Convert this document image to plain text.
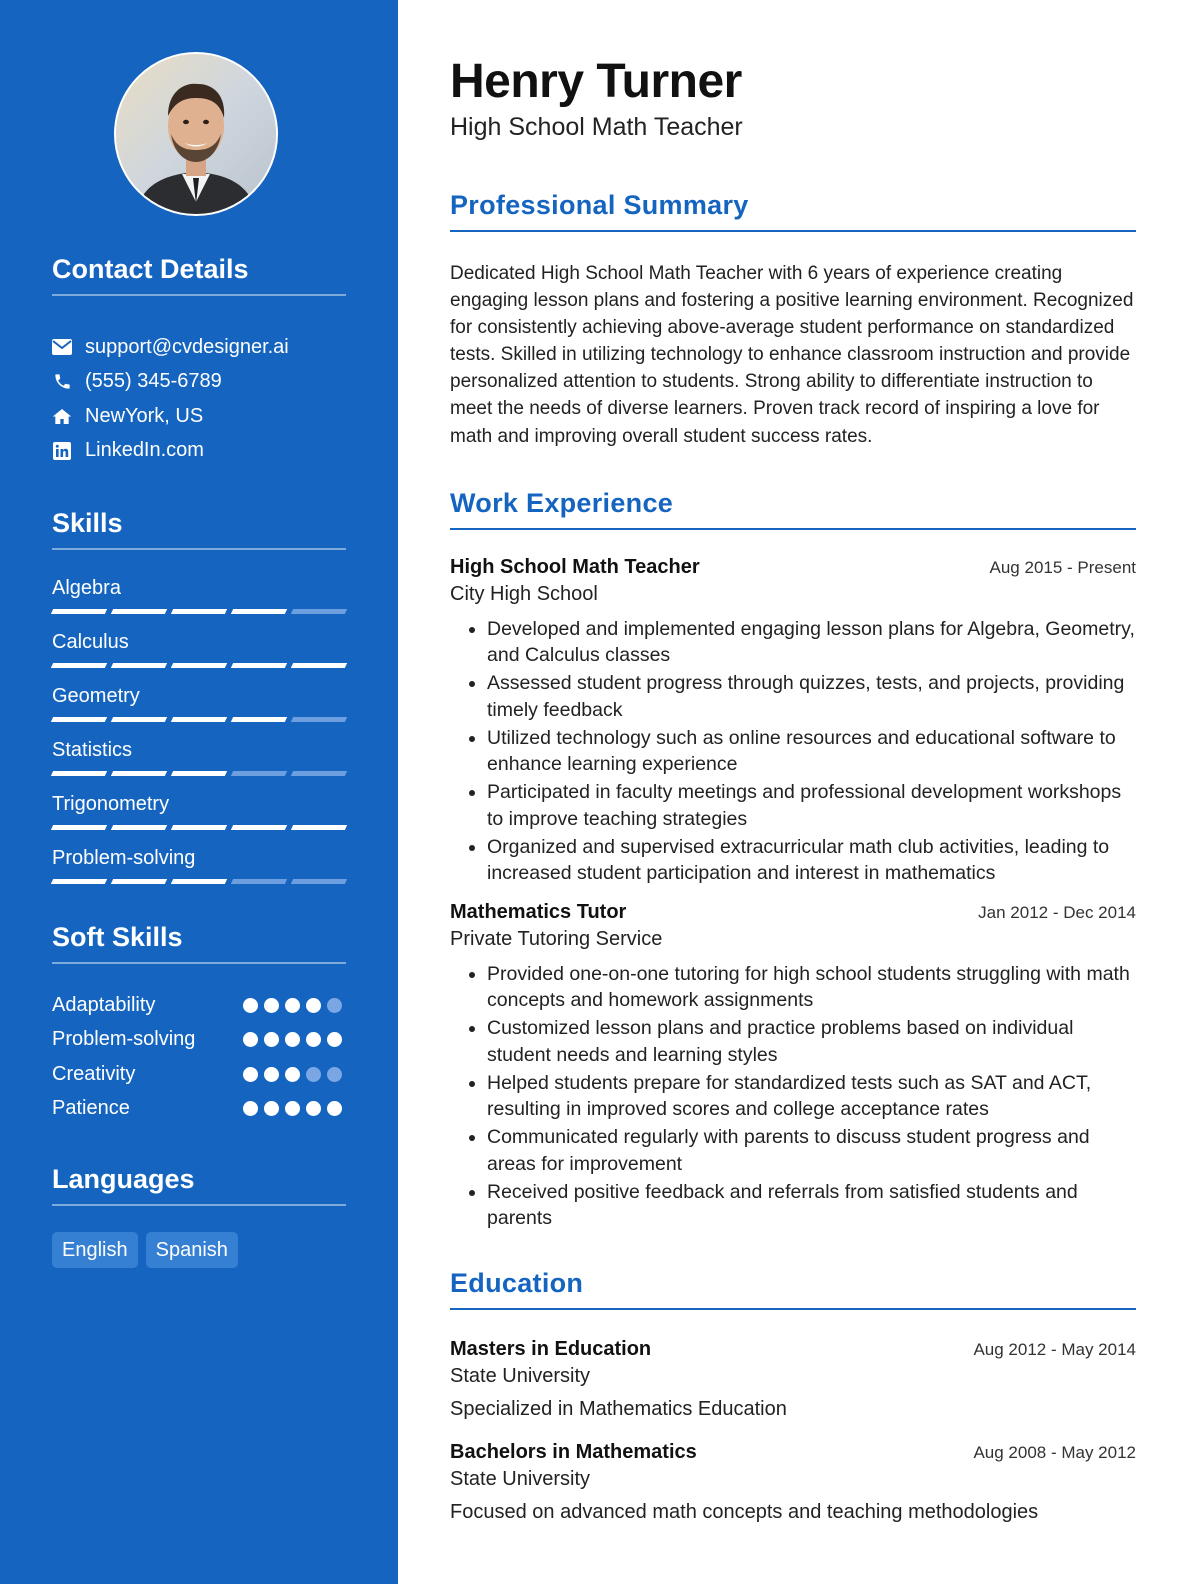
Contact Details
support@cvdesigner.ai
(555) 345-6789
NewYork, US
LinkedIn.com
Skills
Algebra
Calculus
Geometry
Statistics
Trigonometry
Problem-solving
Soft Skills
Adaptability
Problem-solving
Creativity
Patience
Languages
English	Spanish
Henry Turner
High School Math Teacher
Professional Summary

Dedicated High School Math Teacher with 6 years of experience creating engaging lesson plans and fostering a positive learning environment. Recognized for consistently achieving above-average student performance on standardized tests. Skilled in utilizing technology to enhance classroom instruction and provide personalized attention to students. Strong ability to differentiate instruction to meet the needs of diverse learners. Proven track record of inspiring a love for math and improving overall student success rates.

Work Experience
High School Math Teacher	Aug 2015 - Present
City High School
• Developed and implemented engaging lesson plans for Algebra, Geometry, and Calculus classes
• Assessed student progress through quizzes, tests, and projects, providing timely feedback
• Utilized technology such as online resources and educational software to enhance learning experience
• Participated in faculty meetings and professional development workshops to improve teaching strategies
• Organized and supervised extracurricular math club activities, leading to increased student participation and interest in mathematics
Mathematics Tutor	Jan 2012 - Dec 2014
Private Tutoring Service
• Provided one-on-one tutoring for high school students struggling with math concepts and homework assignments
• Customized lesson plans and practice problems based on individual student needs and learning styles
• Helped students prepare for standardized tests such as SAT and ACT, resulting in improved scores and college acceptance rates
• Communicated regularly with parents to discuss student progress and areas for improvement
• Received positive feedback and referrals from satisfied students and parents
Education
Masters in Education	Aug 2012 - May 2014
State University
Specialized in Mathematics Education
Bachelors in Mathematics	Aug 2008 - May 2012
State University
Focused on advanced math concepts and teaching methodologies
